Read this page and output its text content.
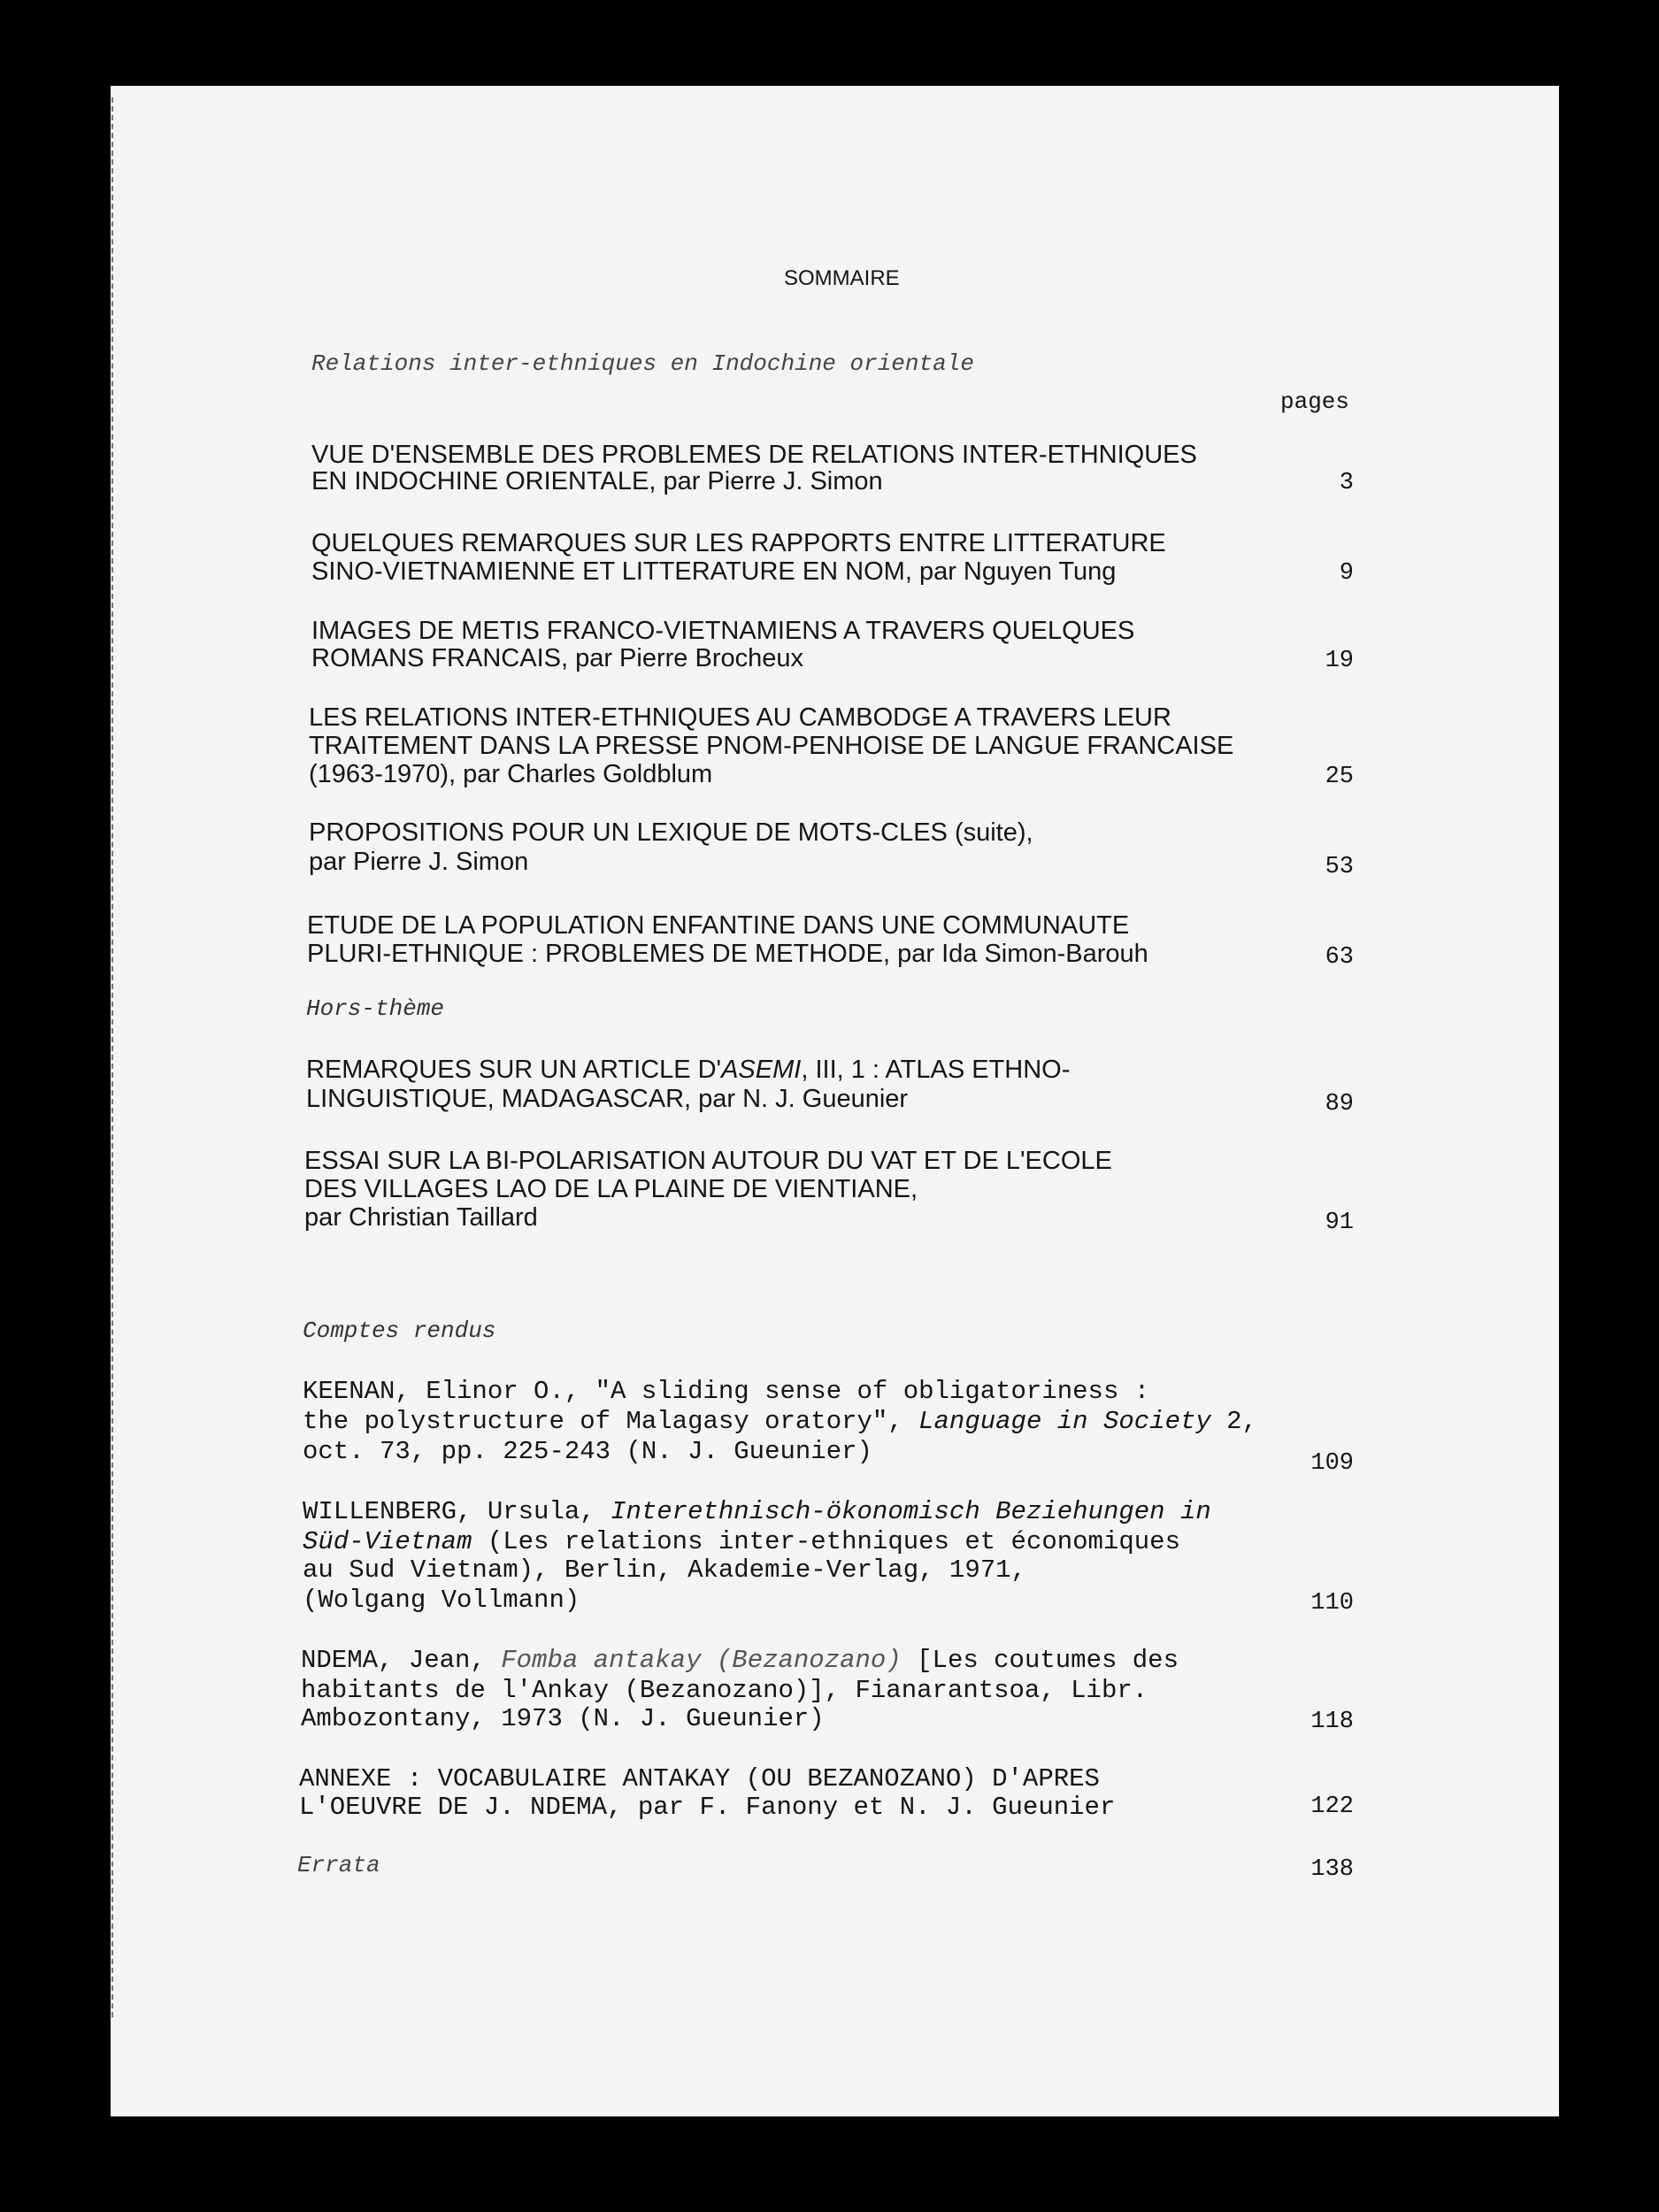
SOMMAIRE
Relations inter-ethniques en Indochine orientale
pages
VUE D'ENSEMBLE DES PROBLEMES DE RELATIONS INTER-ETHNIQUES
EN INDOCHINE ORIENTALE, par Pierre J. Simon	3
QUELQUES REMARQUES SUR LES RAPPORTS ENTRE LITTERATURE
SINO-VIETNAMIENNE ET LITTERATURE EN NOM, par Nguyen Tung	9
IMAGES DE METIS FRANCO-VIETNAMIENS A TRAVERS QUELQUES
ROMANS FRANCAIS, par Pierre Brocheux	19
LES RELATIONS INTER-ETHNIQUES AU CAMBODGE A TRAVERS LEUR
TRAITEMENT DANS LA PRESSE PNOM-PENHOISE DE LANGUE FRANCAISE
(1963-1970), par Charles Goldblum	25
PROPOSITIONS POUR UN LEXIQUE DE MOTS-CLES (suite),
par Pierre J. Simon	53
ETUDE DE LA POPULATION ENFANTINE DANS UNE COMMUNAUTE
PLURI-ETHNIQUE : PROBLEMES DE METHODE, par Ida Simon-Barouh	63
Hors-thème
REMARQUES SUR UN ARTICLE D'ASEMI, III, 1 : ATLAS ETHNO-
LINGUISTIQUE, MADAGASCAR, par N. J. Gueunier	89
ESSAI SUR LA BI-POLARISATION AUTOUR DU VAT ET DE L'ECOLE
DES VILLAGES LAO DE LA PLAINE DE VIENTIANE,
par Christian Taillard	91
Comptes rendus
KEENAN, Elinor O., "A sliding sense of obligatoriness :
the polystructure of Malagasy oratory", Language in Society 2,
oct. 73, pp. 225-243 (N. J. Gueunier)	109
WILLENBERG, Ursula, Interethnisch-ökonomisch Beziehungen in
Süd-Vietnam (Les relations inter-ethniques et économiques
au Sud Vietnam), Berlin, Akademie-Verlag, 1971,
(Wolgang Vollmann)	110
NDEMA, Jean, Fomba antakay (Bezanozano) [Les coutumes des
habitants de l'Ankay (Bezanozano)], Fianarantsoa, Libr.
Ambozontany, 1973 (N. J. Gueunier)	118
ANNEXE : VOCABULAIRE ANTAKAY (OU BEZANOZANO) D'APRES
L'OEUVRE DE J. NDEMA, par F. Fanony et N. J. Gueunier	122
Errata	138
